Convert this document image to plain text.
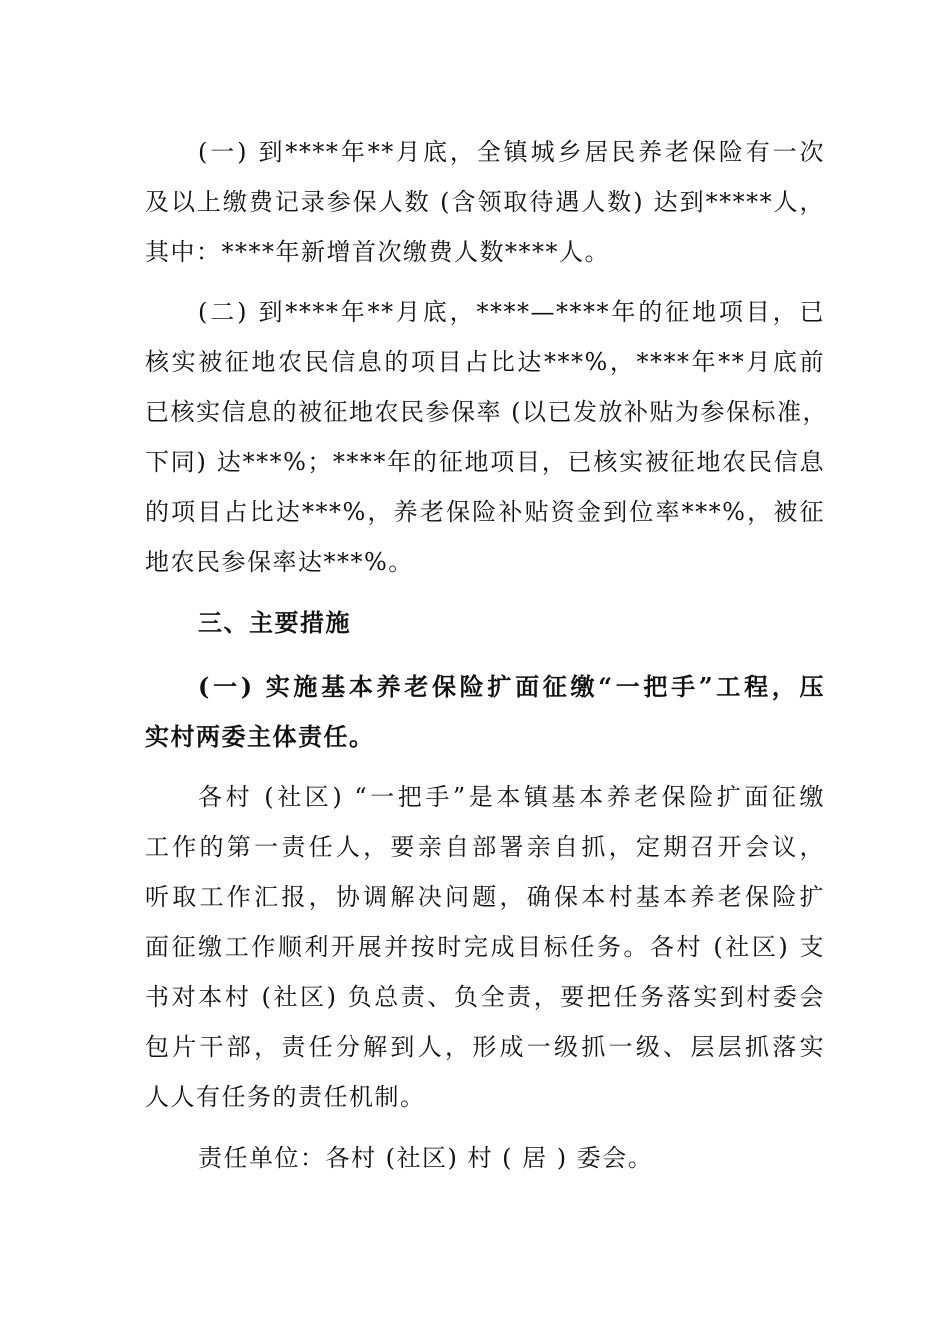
(一) 到****年**月底，全镇城乡居民养老保险有一次
及以上缴费记录参保人数 (含领取待遇人数) 达到*****人，
其中：****年新增首次缴费人数****人。
(二) 到****年**月底，****—****年的征地项目，已
核实被征地农民信息的项目占比达***%，****年**月底前
已核实信息的被征地农民参保率 (以已发放补贴为参保标准，
下同) 达***%；****年的征地项目，已核实被征地农民信息
的项目占比达***%，养老保险补贴资金到位率***%，被征
地农民参保率达***%。
三、主要措施
(一) 实施基本养老保险扩面征缴“一把手”工程，压
实村两委主体责任。
各村 (社区) “一把手”是本镇基本养老保险扩面征缴
工作的第一责任人，要亲自部署亲自抓，定期召开会议，
听取工作汇报，协调解决问题，确保本村基本养老保险扩
面征缴工作顺利开展并按时完成目标任务。各村 (社区) 支
书对本村 (社区) 负总责、负全责，要把任务落实到村委会
包片干部，责任分解到人，形成一级抓一级、层层抓落实
人人有任务的责任机制。
责任单位：各村 (社区) 村 ( 居 ) 委会。
